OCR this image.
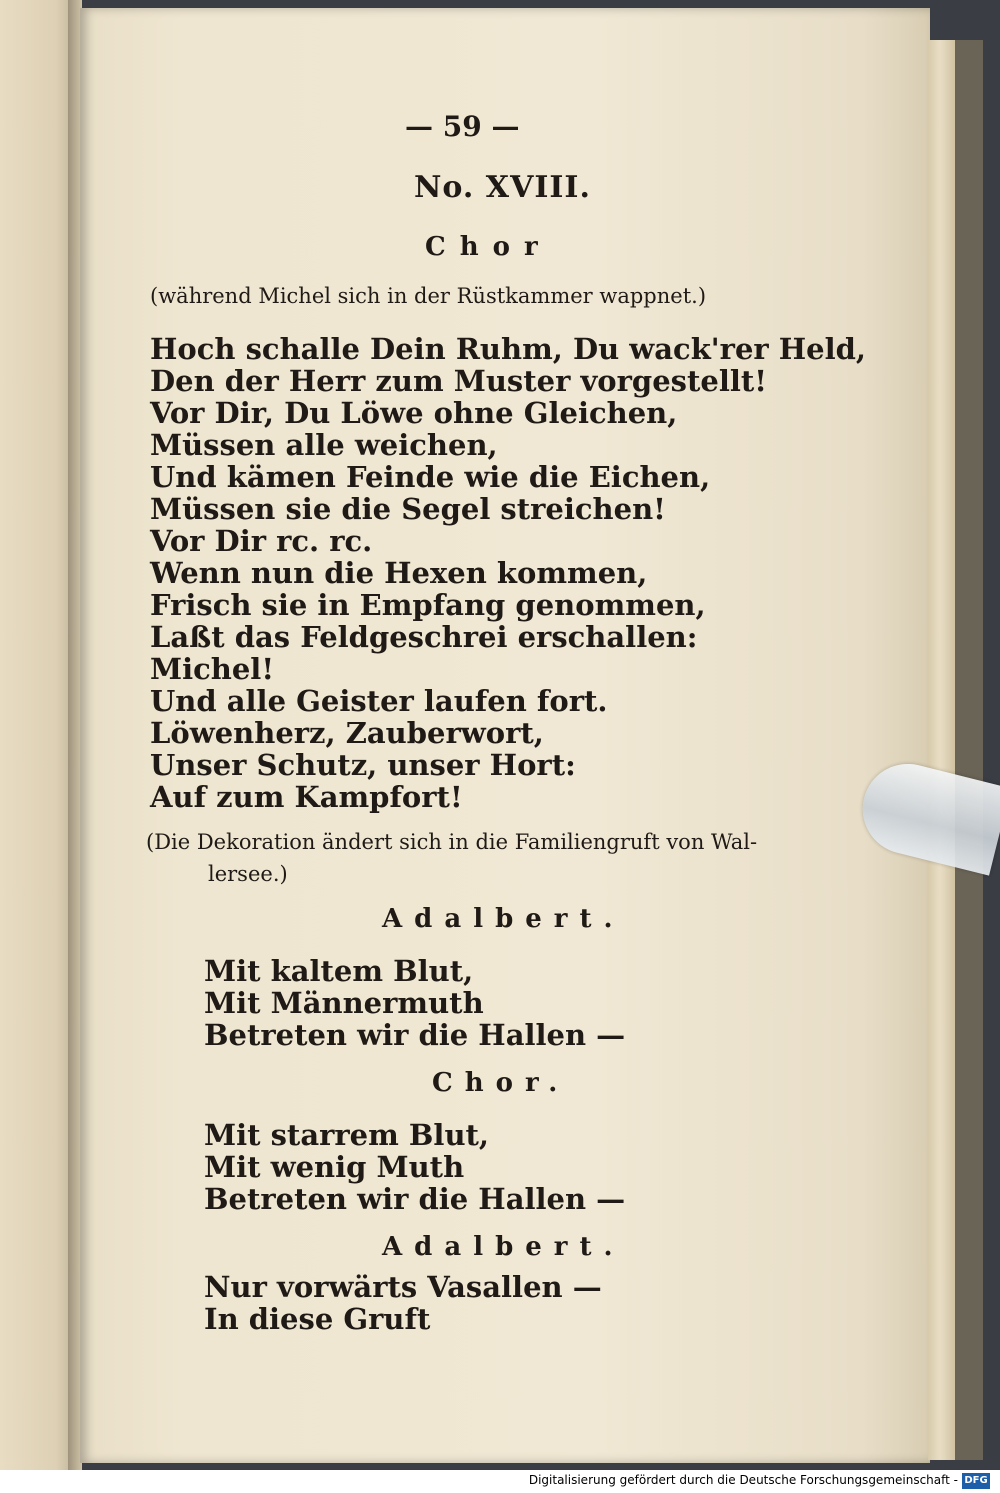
— 59 —
No. XVIII.
Chor
(während Michel sich in der Rüstkammer wappnet.)
Hoch schalle Dein Ruhm, Du wack'rer Held,
Den der Herr zum Muster vorgestellt!
Vor Dir, Du Löwe ohne Gleichen,
Müssen alle weichen,
Und kämen Feinde wie die Eichen,
Müssen sie die Segel streichen!
Vor Dir rc. rc.
Wenn nun die Hexen kommen,
Frisch sie in Empfang genommen,
Laßt das Feldgeschrei erschallen:
Michel!
Und alle Geister laufen fort.
Löwenherz, Zauberwort,
Unser Schutz, unser Hort:
Auf zum Kampfort!
(Die Dekoration ändert sich in die Familiengruft von Wal-
lersee.)
Adalbert.
Mit kaltem Blut,
Mit Männermuth
Betreten wir die Hallen —
Chor.
Mit starrem Blut,
Mit wenig Muth
Betreten wir die Hallen —
Adalbert.
Nur vorwärts Vasallen —
In diese Gruft
Digitalisierung gefördert durch die Deutsche Forschungsgemeinschaft - DFG
